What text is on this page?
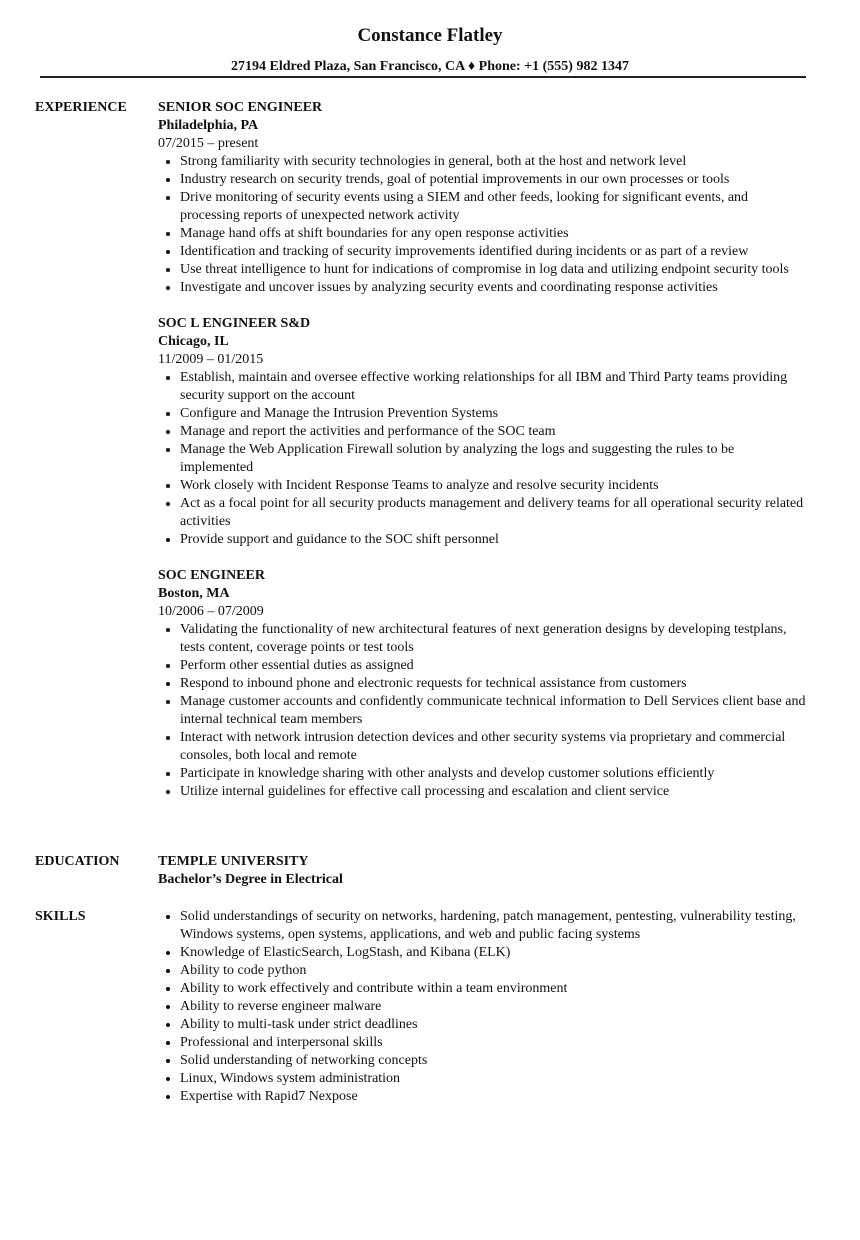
Constance Flatley
27194 Eldred Plaza, San Francisco, CA ♦ Phone: +1 (555) 982 1347
EXPERIENCE SENIOR SOC ENGINEER
Philadelphia, PA
07/2015 – present
• Strong familiarity with security technologies in general, both at the host and network level
• Industry research on security trends, goal of potential improvements in our own processes or tools
• Drive monitoring of security events using a SIEM and other feeds, looking for significant events, and processing reports of unexpected network activity
• Manage hand offs at shift boundaries for any open response activities
• Identification and tracking of security improvements identified during incidents or as part of a review
• Use threat intelligence to hunt for indications of compromise in log data and utilizing endpoint security tools
• Investigate and uncover issues by analyzing security events and coordinating response activities
SOC L ENGINEER S&D
Chicago, IL
11/2009 – 01/2015
• Establish, maintain and oversee effective working relationships for all IBM and Third Party teams providing security support on the account
• Configure and Manage the Intrusion Prevention Systems
• Manage and report the activities and performance of the SOC team
• Manage the Web Application Firewall solution by analyzing the logs and suggesting the rules to be implemented
• Work closely with Incident Response Teams to analyze and resolve security incidents
• Act as a focal point for all security products management and delivery teams for all operational security related activities
• Provide support and guidance to the SOC shift personnel
SOC ENGINEER
Boston, MA
10/2006 – 07/2009
• Validating the functionality of new architectural features of next generation designs by developing testplans, tests content, coverage points or test tools
• Perform other essential duties as assigned
• Respond to inbound phone and electronic requests for technical assistance from customers
• Manage customer accounts and confidently communicate technical information to Dell Services client base and internal technical team members
• Interact with network intrusion detection devices and other security systems via proprietary and commercial consoles, both local and remote
• Participate in knowledge sharing with other analysts and develop customer solutions efficiently
• Utilize internal guidelines for effective call processing and escalation and client service
EDUCATION	TEMPLE UNIVERSITY
Bachelor’s Degree in Electrical
SKILLS
•	Solid understandings of security on networks, hardening, patch management, pentesting, vulnerability testing, Windows systems, open systems, applications, and web and public facing systems
• Knowledge of ElasticSearch, LogStash, and Kibana (ELK)
• Ability to code python
• Ability to work effectively and contribute within a team environment
• Ability to reverse engineer malware
• Ability to multi-task under strict deadlines
• Professional and interpersonal skills
• Solid understanding of networking concepts
• Linux, Windows system administration
• Expertise with Rapid7 Nexpose
